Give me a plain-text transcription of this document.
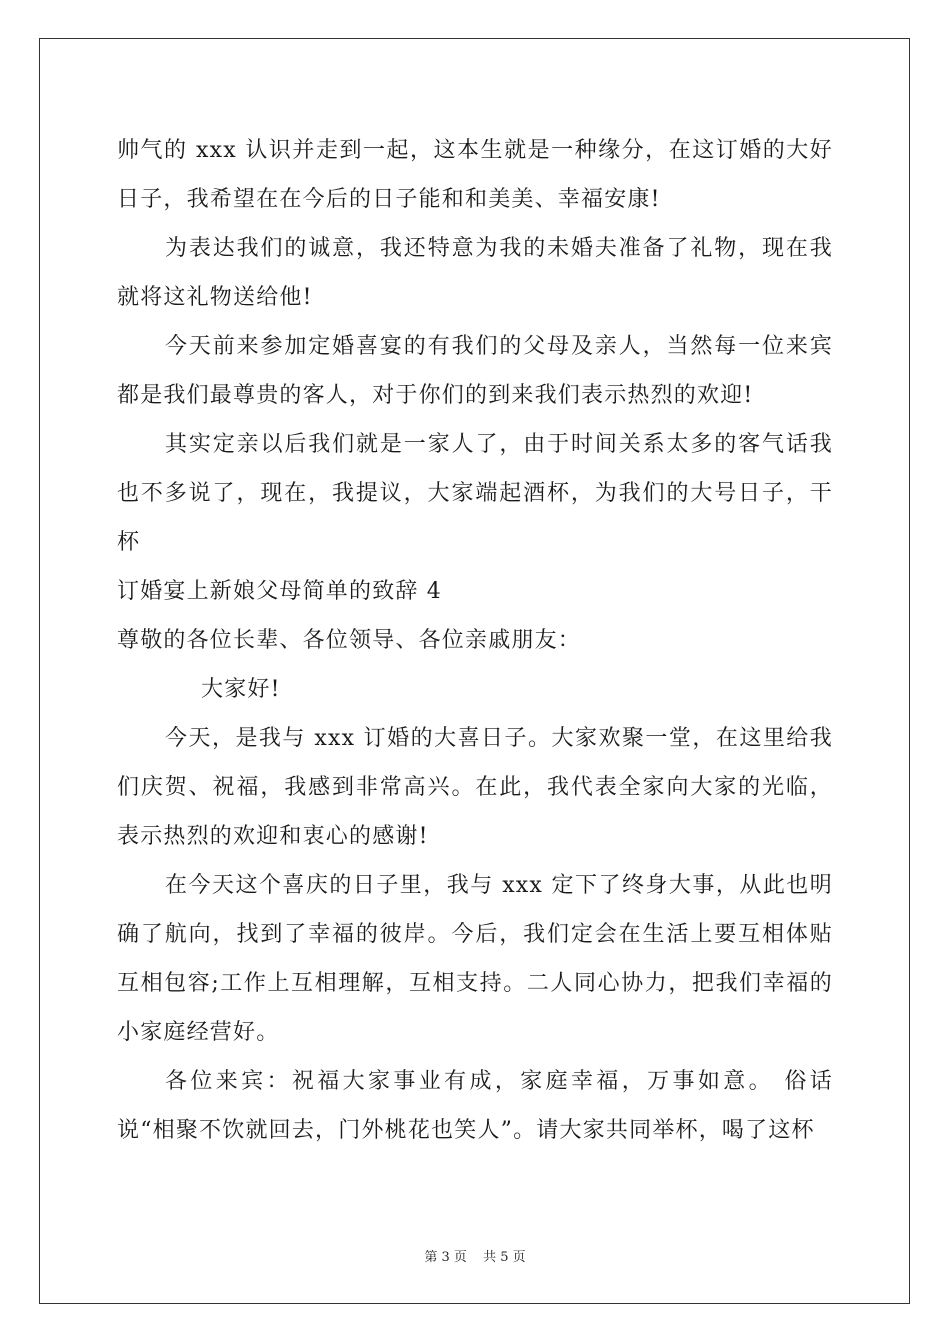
帅气的 xxx 认识并走到一起，这本生就是一种缘分，在这订婚的大好日子，我希望在在今后的日子能和和美美、幸福安康!

为表达我们的诚意，我还特意为我的未婚夫准备了礼物，现在我就将这礼物送给他!

今天前来参加定婚喜宴的有我们的父母及亲人，当然每一位来宾都是我们最尊贵的客人，对于你们的到来我们表示热烈的欢迎!

其实定亲以后我们就是一家人了，由于时间关系太多的客气话我也不多说了，现在，我提议，大家端起酒杯，为我们的大号日子，干杯

订婚宴上新娘父母简单的致辞 4

尊敬的各位长辈、各位领导、各位亲戚朋友：

大家好!

今天，是我与 xxx 订婚的大喜日子。大家欢聚一堂，在这里给我们庆贺、祝福，我感到非常高兴。在此，我代表全家向大家的光临，表示热烈的欢迎和衷心的感谢!

在今天这个喜庆的日子里，我与 xxx 定下了终身大事，从此也明确了航向，找到了幸福的彼岸。今后，我们定会在生活上要互相体贴互相包容;工作上互相理解，互相支持。二人同心协力，把我们幸福的小家庭经营好。

各位来宾：祝福大家事业有成，家庭幸福，万事如意。 俗话说“相聚不饮就回去，门外桃花也笑人”。请大家共同举杯，喝了这杯

第 3 页 共 5 页
